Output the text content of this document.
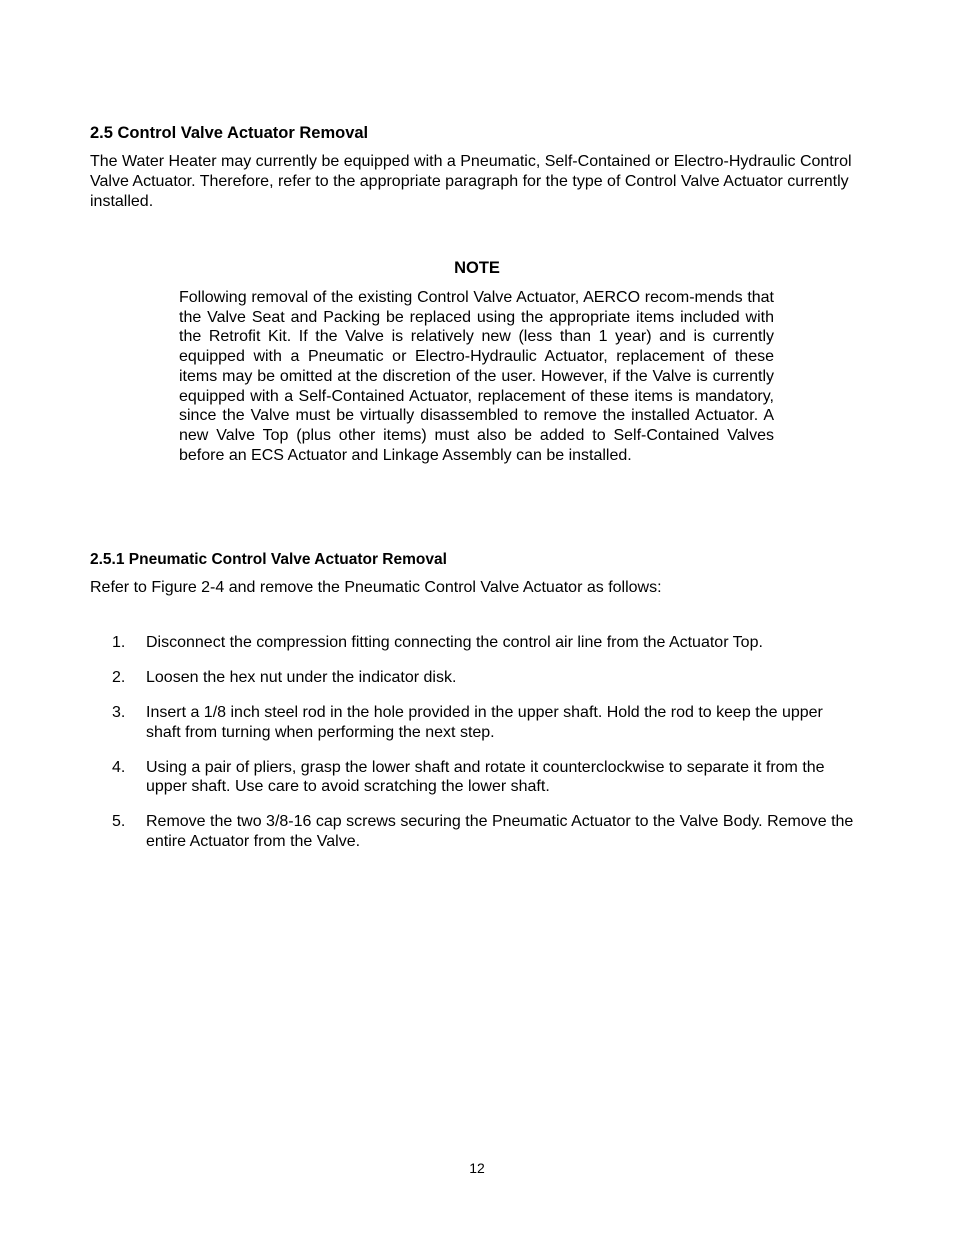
2.5 Control Valve Actuator Removal

The Water Heater may currently be equipped with a Pneumatic, Self-Contained or Electro-Hydraulic Control Valve Actuator. Therefore, refer to the appropriate paragraph for the type of Control Valve Actuator currently installed.

NOTE

Following removal of the existing Control Valve Actuator, AERCO recom-mends that the Valve Seat and Packing be replaced using the appropriate items included with the Retrofit Kit. If the Valve is relatively new (less than 1 year) and is currently equipped with a Pneumatic or Electro-Hydraulic Actuator, replacement of these items may be omitted at the discretion of the user. However, if the Valve is currently equipped with a Self-Contained Actuator, replacement of these items is mandatory, since the Valve must be virtually disassembled to remove the installed Actuator. A new Valve Top (plus other items) must also be added to Self-Contained Valves before an ECS Actuator and Linkage Assembly can be installed.

2.5.1 Pneumatic Control Valve Actuator Removal

Refer to Figure 2-4 and remove the Pneumatic Control Valve Actuator as follows:

1.	Disconnect the compression fitting connecting the control air line from the Actuator Top.
2.	Loosen the hex nut under the indicator disk.
3.	Insert a 1/8 inch steel rod in the hole provided in the upper shaft. Hold the rod to keep the upper shaft from turning when performing the next step.
4.	Using a pair of pliers, grasp the lower shaft and rotate it counterclockwise to separate it from the upper shaft. Use care to avoid scratching the lower shaft.
5.	Remove the two 3/8-16 cap screws securing the Pneumatic Actuator to the Valve Body. Remove the entire Actuator from the Valve.

12
